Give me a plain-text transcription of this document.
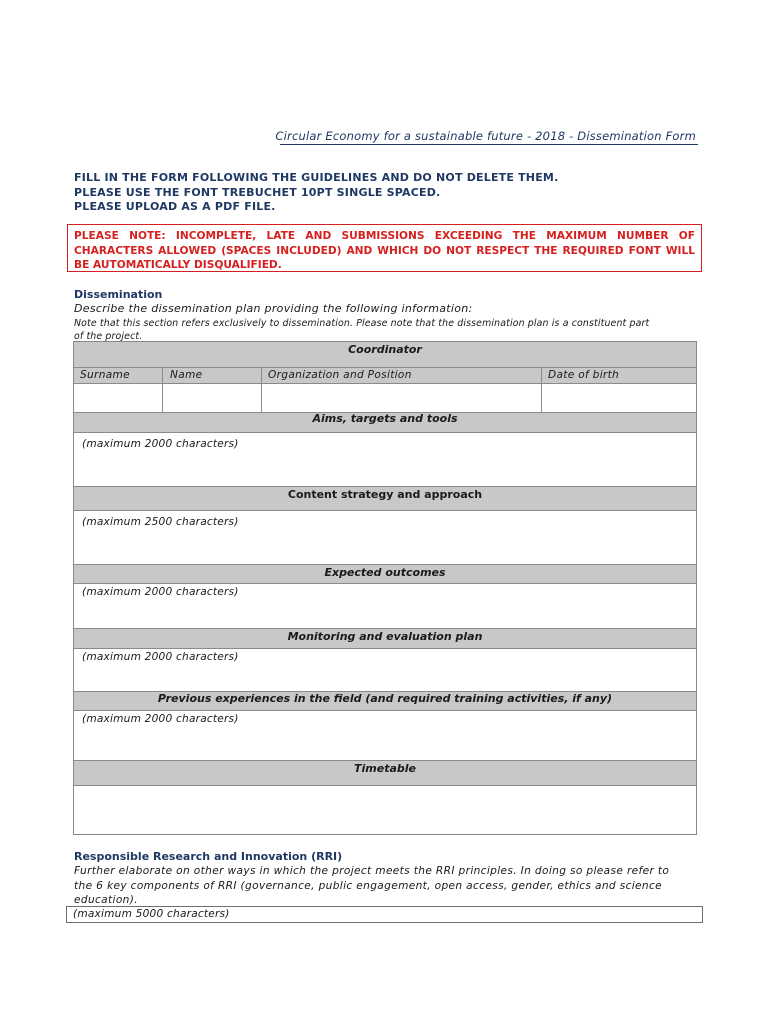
Circular Economy for a sustainable future - 2018 - Dissemination Form
FILL IN THE FORM FOLLOWING THE GUIDELINES AND DO NOT DELETE THEM.
PLEASE USE THE FONT TREBUCHET 10PT SINGLE SPACED.
PLEASE UPLOAD AS A PDF FILE.
PLEASE NOTE: INCOMPLETE, LATE AND SUBMISSIONS EXCEEDING THE MAXIMUM NUMBER OF CHARACTERS ALLOWED (SPACES INCLUDED) AND WHICH DO NOT RESPECT THE REQUIRED FONT WILL BE AUTOMATICALLY DISQUALIFIED.
Dissemination
Describe the dissemination plan providing the following information:
Note that this section refers exclusively to dissemination. Please note that the dissemination plan is a constituent part
of the project.
Coordinator
Surname	Name	Organization and Position	Date of birth
Aims, targets and tools
(maximum 2000 characters)
Content strategy and approach
(maximum 2500 characters)
Expected outcomes
(maximum 2000 characters)
Monitoring and evaluation plan
(maximum 2000 characters)
Previous experiences in the field (and required training activities, if any)
(maximum 2000 characters)
Timetable
Responsible Research and Innovation (RRI)
Further elaborate on other ways in which the project meets the RRI principles. In doing so please refer to
the 6 key components of RRI (governance, public engagement, open access, gender, ethics and science
education).
(maximum 5000 characters)
